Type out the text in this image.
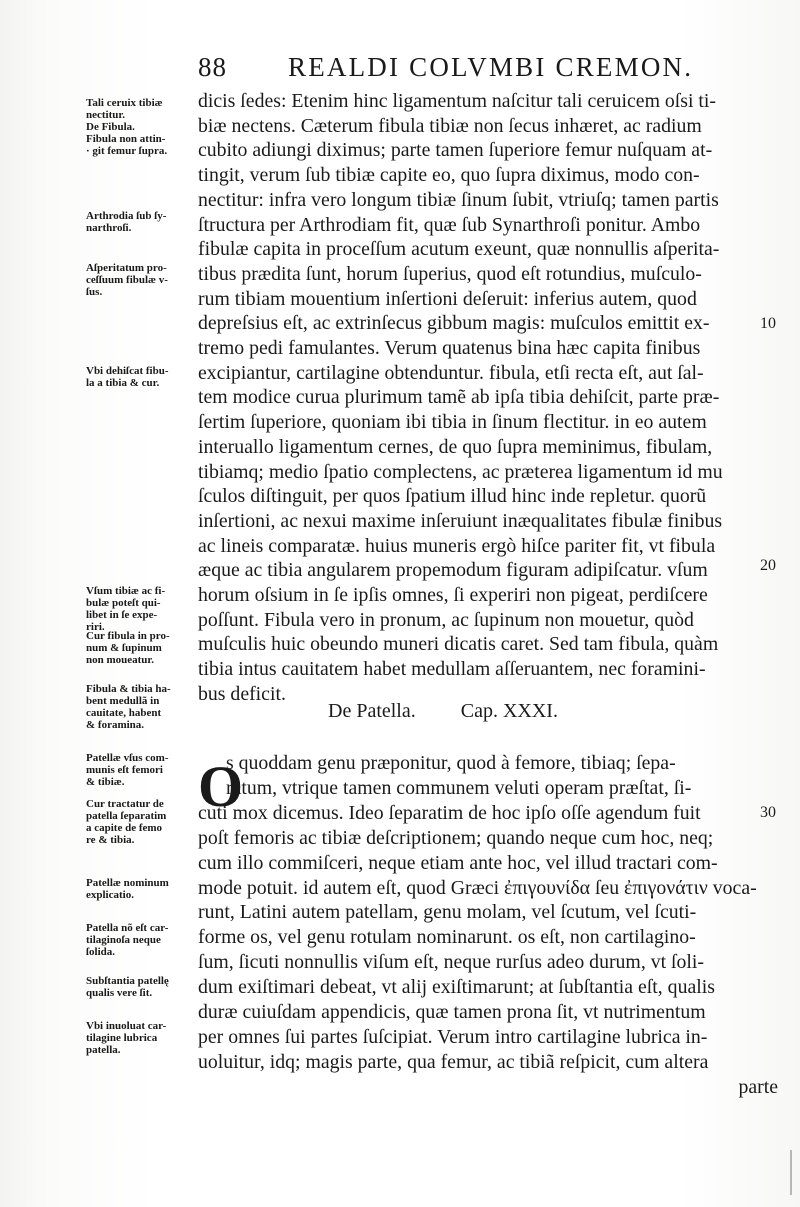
88 REALDI COLVMBI CREMON.
Tali ceruix tibiæ
nectitur.
De Fibula.
Fibula non attin-
· git femur ſupra.
Arthrodia ſub ſy-
narthroſi.
Aſperitatum pro-
ceſſuum fibulæ v-
ſus.
Vbi dehiſcat fibu-
la a tibia & cur.
Vſum tibiæ ac fi-
bulæ poteſt qui-
libet in ſe expe-
riri.
Cur fibula in pro-
num & ſupinum
non moueatur.
Fibula & tibia ha-
bent medullã in
cauitate, habent
& foramina.
Patellæ vſus com-
munis eſt femori
& tibiæ.
Cur tractatur de
patella ſeparatim
a capite de femo
re & tibia.
Patellæ nominum
explicatio.
Patella nõ eſt car-
tilaginoſa neque
ſolida.
Subſtantia patellę
qualis vere ſit.
Vbi inuoluat car-
tilagine lubrica
patella.
De Patella. Cap. XXXI.
O
dicis ſedes: Etenim hinc ligamentum naſcitur tali ceruicem oſsi ti-
biæ nectens. Cæterum fibula tibiæ non ſecus inhæret, ac radium
cubito adiungi diximus; parte tamen ſuperiore femur nuſquam at-
tingit, verum ſub tibiæ capite eo, quo ſupra diximus, modo con-
nectitur: infra vero longum tibiæ ſinum ſubit, vtriuſq; tamen partis
ſtructura per Arthrodiam fit, quæ ſub Synarthroſi ponitur. Ambo
fibulæ capita in proceſſum acutum exeunt, quæ nonnullis aſperita-
tibus prædita ſunt, horum ſuperius, quod eſt rotundius, muſculo-
rum tibiam mouentium inſertioni deſeruit: inferius autem, quod
depreſsius eſt, ac extrinſecus gibbum magis: muſculos emittit ex-
tremo pedi famulantes. Verum quatenus bina hæc capita finibus
excipiantur, cartilagine obtenduntur. fibula, etſi recta eſt, aut ſal-
tem modice curua plurimum tamẽ ab ipſa tibia dehiſcit, parte præ-
ſertim ſuperiore, quoniam ibi tibia in ſinum flectitur. in eo autem
interuallo ligamentum cernes, de quo ſupra meminimus, fibulam,
tibiamq; medio ſpatio complectens, ac præterea ligamentum id mu
ſculos diſtinguit, per quos ſpatium illud hinc inde repletur. quorũ
inſertioni, ac nexui maxime inſeruiunt inæqualitates fibulæ finibus
ac lineis comparatæ. huius muneris ergò hiſce pariter fit, vt fibula
æque ac tibia angularem propemodum figuram adipiſcatur. vſum
horum oſsium in ſe ipſis omnes, ſi experiri non pigeat, perdiſcere
poſſunt. Fibula vero in pronum, ac ſupinum non mouetur, quòd
muſculis huic obeundo muneri dicatis caret. Sed tam fibula, quàm
tibia intus cauitatem habet medullam aſſeruantem, nec foramini-
bus deficit.
s quoddam genu præponitur, quod à femore, tibiaq; ſepa-
ratum, vtrique tamen communem veluti operam præſtat, ſi-
cuti mox dicemus. Ideo ſeparatim de hoc ipſo oſſe agendum fuit
poſt femoris ac tibiæ deſcriptionem; quando neque cum hoc, neq;
cum illo commiſceri, neque etiam ante hoc, vel illud tractari com-
mode potuit. id autem eſt, quod Græci ἐπιγουνίδα ſeu ἐπιγονάτιν voca-
runt, Latini autem patellam, genu molam, vel ſcutum, vel ſcuti-
forme os, vel genu rotulam nominarunt. os eſt, non cartilagino-
ſum, ſicuti nonnullis viſum eſt, neque rurſus adeo durum, vt ſoli-
dum exiſtimari debeat, vt alij exiſtimarunt; at ſubſtantia eſt, qualis
duræ cuiuſdam appendicis, quæ tamen prona ſit, vt nutrimentum
per omnes ſui partes ſuſcipiat. Verum intro cartilagine lubrica in-
uoluitur, idq; magis parte, qua femur, ac tibiã reſpicit, cum altera
parte
10
20
30
